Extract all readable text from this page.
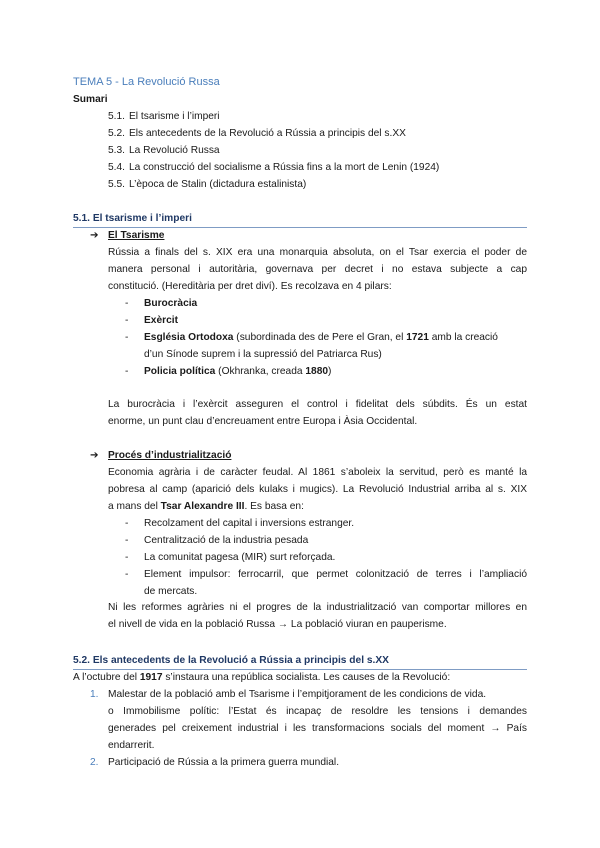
TEMA 5 - La Revolució Russa
Sumari
5.1. El tsarisme i l’imperi
5.2. Els antecedents de la Revolució a Rússia a principis del s.XX
5.3. La Revolució Russa
5.4. La construcció del socialisme a Rússia fins a la mort de Lenin (1924)
5.5. L’època de Stalin (dictadura estalinista)
5.1. El tsarisme i l’imperi
➔ El Tsarisme
Rússia a finals del s. XIX era una monarquia absoluta, on el Tsar exercia el poder de
manera personal i autoritària, governava per decret i no estava subjecte a cap
constitució. (Hereditària per dret diví). Es recolzava en 4 pilars:
- Burocràcia
- Exèrcit
- Església Ortodoxa (subordinada des de Pere el Gran, el 1721 amb la creació
d’un Sínode suprem i la supressió del Patriarca Rus)
- Policia política (Okhranka, creada 1880)
La burocràcia i l’exèrcit asseguren el control i fidelitat dels súbdits. És un estat
enorme, un punt clau d’encreuament entre Europa i Àsia Occidental.
➔ Procés d’industrialització
Economia agrària i de caràcter feudal. Al 1861 s’aboleix la servitud, però es manté la
pobresa al camp (aparició dels kulaks i mugics). La Revolució Industrial arriba al s. XIX
a mans del Tsar Alexandre III. Es basa en:
- Recolzament del capital i inversions estranger.
- Centralització de la industria pesada
- La comunitat pagesa (MIR) surt reforçada.
- Element impulsor: ferrocarril, que permet colonització de terres i l’ampliació
de mercats.
Ni les reformes agràries ni el progres de la industrialització van comportar millores en
el nivell de vida en la població Russa → La població viuran en pauperisme.
5.2. Els antecedents de la Revolució a Rússia a principis del s.XX
A l’octubre del 1917 s’instaura una república socialista. Les causes de la Revolució:
1. Malestar de la població amb el Tsarisme i l’empitjorament de les condicions de vida.
o Immobilisme polític: l’Estat és incapaç de resoldre les tensions i demandes
generades pel creixement industrial i les transformacions socials del moment → País
endarrerit.
2. Participació de Rússia a la primera guerra mundial.
